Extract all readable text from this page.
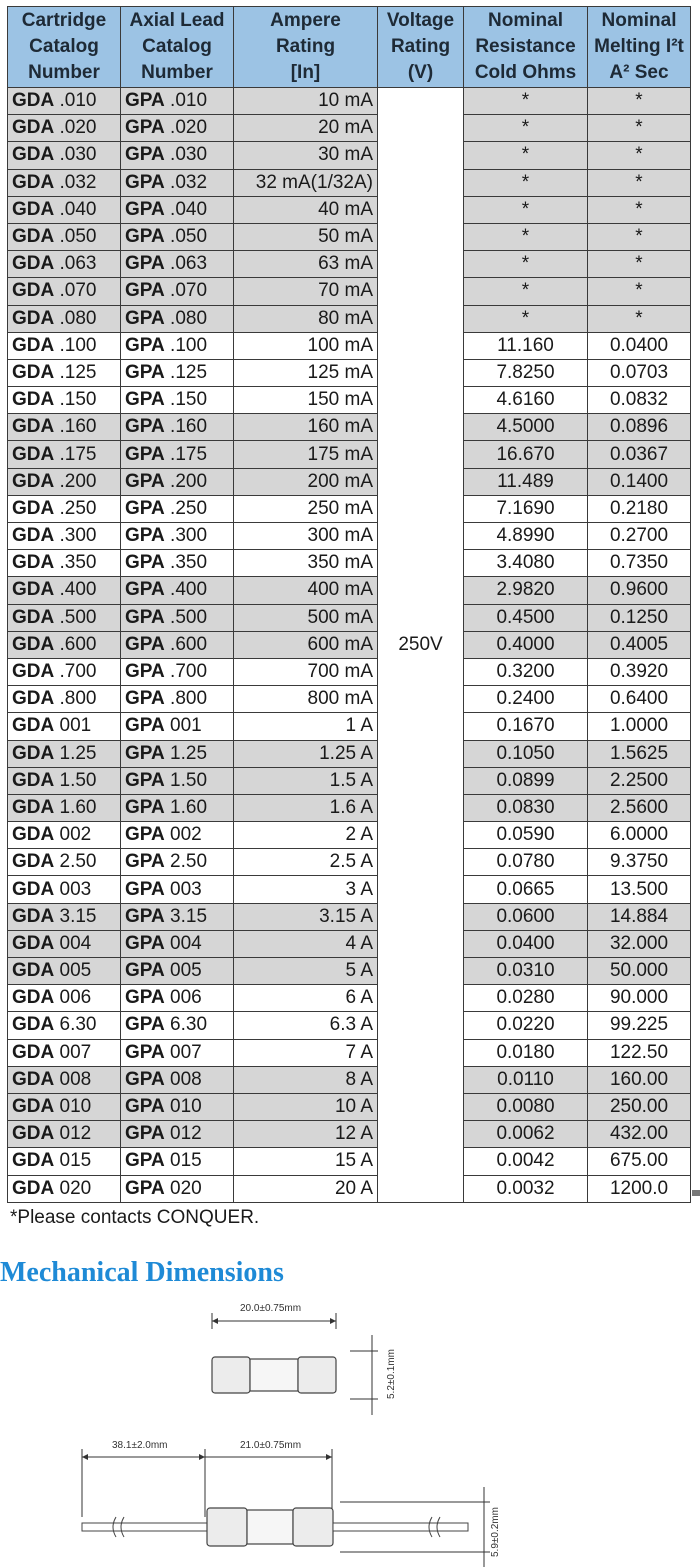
Cartridge
Catalog
Number	Axial Lead
Catalog
Number	Ampere
Rating
[In]	Voltage
Rating
(V)	Nominal
Resistance
Cold Ohms	Nominal
Melting I²t
A² Sec
GDA .010	GPA .010	10 mA	250V	*	*
GDA .020	GPA .020	20 mA		*	*
GDA .030	GPA .030	30 mA		*	*
GDA .032	GPA .032	32 mA(1/32A)		*	*
GDA .040	GPA .040	40 mA		*	*
GDA .050	GPA .050	50 mA		*	*
GDA .063	GPA .063	63 mA		*	*
GDA .070	GPA .070	70 mA		*	*
GDA .080	GPA .080	80 mA		*	*
GDA .100	GPA .100	100 mA		11.160	0.0400
GDA .125	GPA .125	125 mA		7.8250	0.0703
GDA .150	GPA .150	150 mA		4.6160	0.0832
GDA .160	GPA .160	160 mA		4.5000	0.0896
GDA .175	GPA .175	175 mA		16.670	0.0367
GDA .200	GPA .200	200 mA		11.489	0.1400
GDA .250	GPA .250	250 mA		7.1690	0.2180
GDA .300	GPA .300	300 mA		4.8990	0.2700
GDA .350	GPA .350	350 mA		3.4080	0.7350
GDA .400	GPA .400	400 mA		2.9820	0.9600
GDA .500	GPA .500	500 mA		0.4500	0.1250
GDA .600	GPA .600	600 mA		0.4000	0.4005
GDA .700	GPA .700	700 mA		0.3200	0.3920
GDA .800	GPA .800	800 mA		0.2400	0.6400
GDA 001	GPA 001	1 A		0.1670	1.0000
GDA 1.25	GPA 1.25	1.25 A		0.1050	1.5625
GDA 1.50	GPA 1.50	1.5 A		0.0899	2.2500
GDA 1.60	GPA 1.60	1.6 A		0.0830	2.5600
GDA 002	GPA 002	2 A		0.0590	6.0000
GDA 2.50	GPA 2.50	2.5 A		0.0780	9.3750
GDA 003	GPA 003	3 A		0.0665	13.500
GDA 3.15	GPA 3.15	3.15 A		0.0600	14.884
GDA 004	GPA 004	4 A		0.0400	32.000
GDA 005	GPA 005	5 A		0.0310	50.000
GDA 006	GPA 006	6 A		0.0280	90.000
GDA 6.30	GPA 6.30	6.3 A		0.0220	99.225
GDA 007	GPA 007	7 A		0.0180	122.50
GDA 008	GPA 008	8 A		0.0110	160.00
GDA 010	GPA 010	10 A		0.0080	250.00
GDA 012	GPA 012	12 A		0.0062	432.00
GDA 015	GPA 015	15 A		0.0042	675.00
GDA 020	GPA 020	20 A		0.0032	1200.0
*Please contacts CONQUER.
Mechanical Dimensions
20.0±0.75mm
5.2±0.1mm
38.1±2.0mm	21.0±0.75mm
5.9±0.2mm
